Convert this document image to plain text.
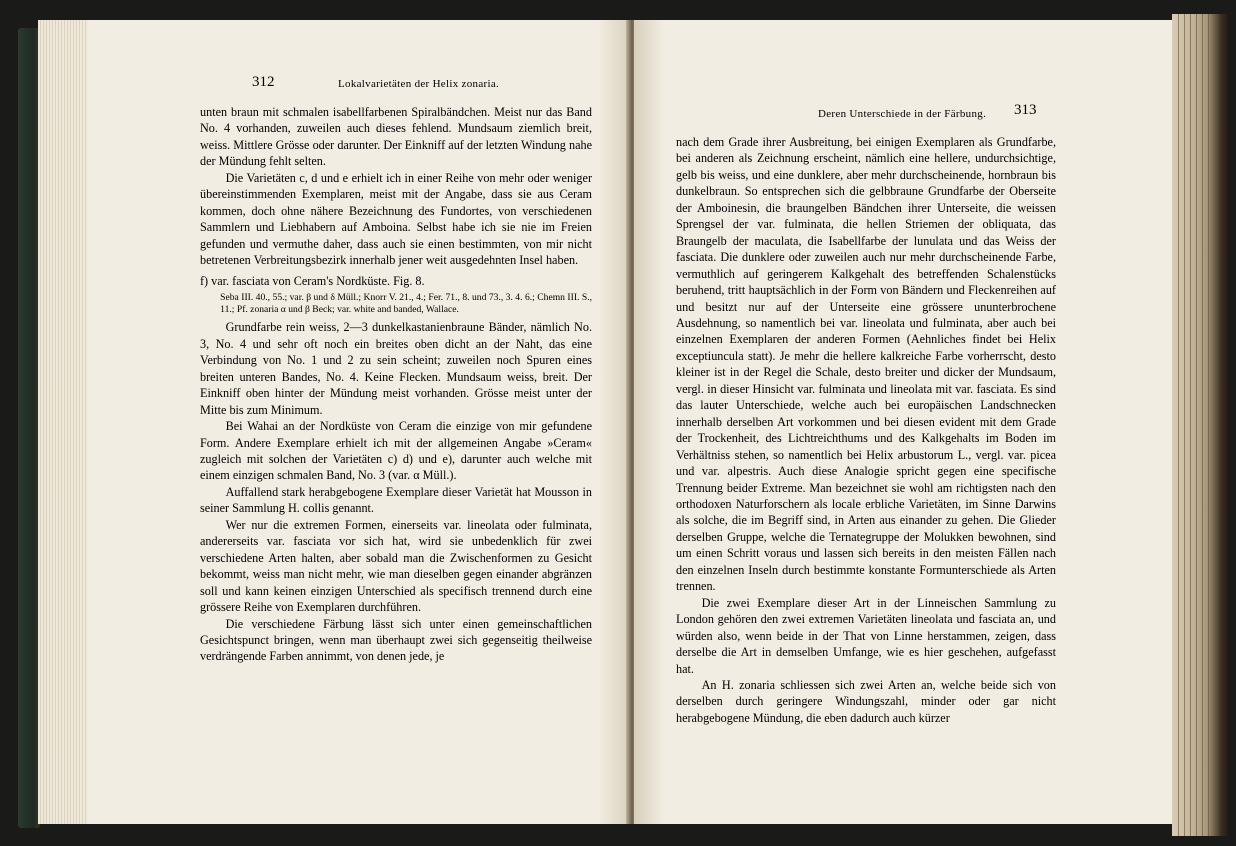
312	Lokalvarietäten der Helix zonaria.
Deren Unterschiede in der Färbung. 313

unten braun mit schmalen isabellfarbenen Spiralbändchen. Meist nur das Band No. 4 vorhanden, zuweilen auch dieses fehlend. Mundsaum ziemlich breit, weiss. Mittlere Grösse oder darunter. Der Einkniff auf der letzten Windung nahe der Mündung fehlt selten.

Die Varietäten c, d und e erhielt ich in einer Reihe von mehr oder weniger übereinstimmenden Exemplaren, meist mit der Angabe, dass sie aus Ceram kommen, doch ohne nähere Bezeichnung des Fundortes, von verschiedenen Sammlern und Liebhabern auf Amboina. Selbst habe ich sie nie im Freien gefunden und vermuthe daher, dass auch sie einen bestimmten, von mir nicht betretenen Verbreitungsbezirk innerhalb jener weit ausgedehnten Insel haben.

f) var. fasciata von Ceram's Nordküste. Fig. 8.

Seba III. 40., 55.; var. β und δ Müll.; Knorr V. 21., 4.; Fer. 71., 8. und 73., 3. 4. 6.; Chemn III. S., 11.; Pf. zonaria α und β Beck; var. white and banded, Wallace.

Grundfarbe rein weiss, 2—3 dunkelkastanienbraune Bänder, nämlich No. 3, No. 4 und sehr oft noch ein breites oben dicht an der Naht, das eine Verbindung von No. 1 und 2 zu sein scheint; zuweilen noch Spuren eines breiten unteren Bandes, No. 4. Keine Flecken. Mundsaum weiss, breit. Der Einkniff oben hinter der Mündung meist vorhanden. Grösse meist unter der Mitte bis zum Minimum.

Bei Wahai an der Nordküste von Ceram die einzige von mir gefundene Form. Andere Exemplare erhielt ich mit der allgemeinen Angabe »Ceram« zugleich mit solchen der Varietäten c) d) und e), darunter auch welche mit einem einzigen schmalen Band, No. 3 (var. α Müll.).

Auffallend stark herabgebogene Exemplare dieser Varietät hat Mousson in seiner Sammlung H. collis genannt.

Wer nur die extremen Formen, einerseits var. lineolata oder fulminata, andererseits var. fasciata vor sich hat, wird sie unbedenklich für zwei verschiedene Arten halten, aber sobald man die Zwischenformen zu Gesicht bekommt, weiss man nicht mehr, wie man dieselben gegen einander abgränzen soll und kann keinen einzigen Unterschied als specifisch trennend durch eine grössere Reihe von Exemplaren durchführen.

Die verschiedene Färbung lässt sich unter einen gemeinschaftlichen Gesichtspunct bringen, wenn man überhaupt zwei sich gegenseitig theilweise verdrängende Farben annimmt, von denen jede, je

nach dem Grade ihrer Ausbreitung, bei einigen Exemplaren als Grundfarbe, bei anderen als Zeichnung erscheint, nämlich eine hellere, undurchsichtige, gelb bis weiss, und eine dunklere, aber mehr durchscheinende, hornbraun bis dunkelbraun. So entsprechen sich die gelbbraune Grundfarbe der Oberseite der Amboinesin, die braungelben Bändchen ihrer Unterseite, die weissen Sprengsel der var. fulminata, die hellen Striemen der obliquata, das Braungelb der maculata, die Isabellfarbe der lunulata und das Weiss der fasciata. Die dunklere oder zuweilen auch nur mehr durchscheinende Farbe, vermuthlich auf geringerem Kalkgehalt des betreffenden Schalenstücks beruhend, tritt hauptsächlich in der Form von Bändern und Fleckenreihen auf und besitzt nur auf der Unterseite eine grössere ununterbrochene Ausdehnung, so namentlich bei var. lineolata und fulminata, aber auch bei einzelnen Exemplaren der anderen Formen (Aehnliches findet bei Helix exceptiuncula statt). Je mehr die hellere kalkreiche Farbe vorherrscht, desto kleiner ist in der Regel die Schale, desto breiter und dicker der Mundsaum, vergl. in dieser Hinsicht var. fulminata und lineolata mit var. fasciata. Es sind das lauter Unterschiede, welche auch bei europäischen Landschnecken innerhalb derselben Art vorkommen und bei diesen evident mit dem Grade der Trockenheit, des Lichtreichthums und des Kalkgehalts im Boden im Verhältniss stehen, so namentlich bei Helix arbustorum L., vergl. var. picea und var. alpestris. Auch diese Analogie spricht gegen eine specifische Trennung beider Extreme. Man bezeichnet sie wohl am richtigsten nach den orthodoxen Naturforschern als locale erbliche Varietäten, im Sinne Darwins als solche, die im Begriff sind, in Arten aus einander zu gehen. Die Glieder derselben Gruppe, welche die Ternategruppe der Molukken bewohnen, sind um einen Schritt voraus und lassen sich bereits in den meisten Fällen nach den einzelnen Inseln durch bestimmte konstante Formunterschiede als Arten trennen.

Die zwei Exemplare dieser Art in der Linneischen Sammlung zu London gehören den zwei extremen Varietäten lineolata und fasciata an, und würden also, wenn beide in der That von Linne herstammen, zeigen, dass derselbe die Art in demselben Umfange, wie es hier geschehen, aufgefasst hat.

An H. zonaria schliessen sich zwei Arten an, welche beide sich von derselben durch geringere Windungszahl, minder oder gar nicht herabgebogene Mündung, die eben dadurch auch kürzer
